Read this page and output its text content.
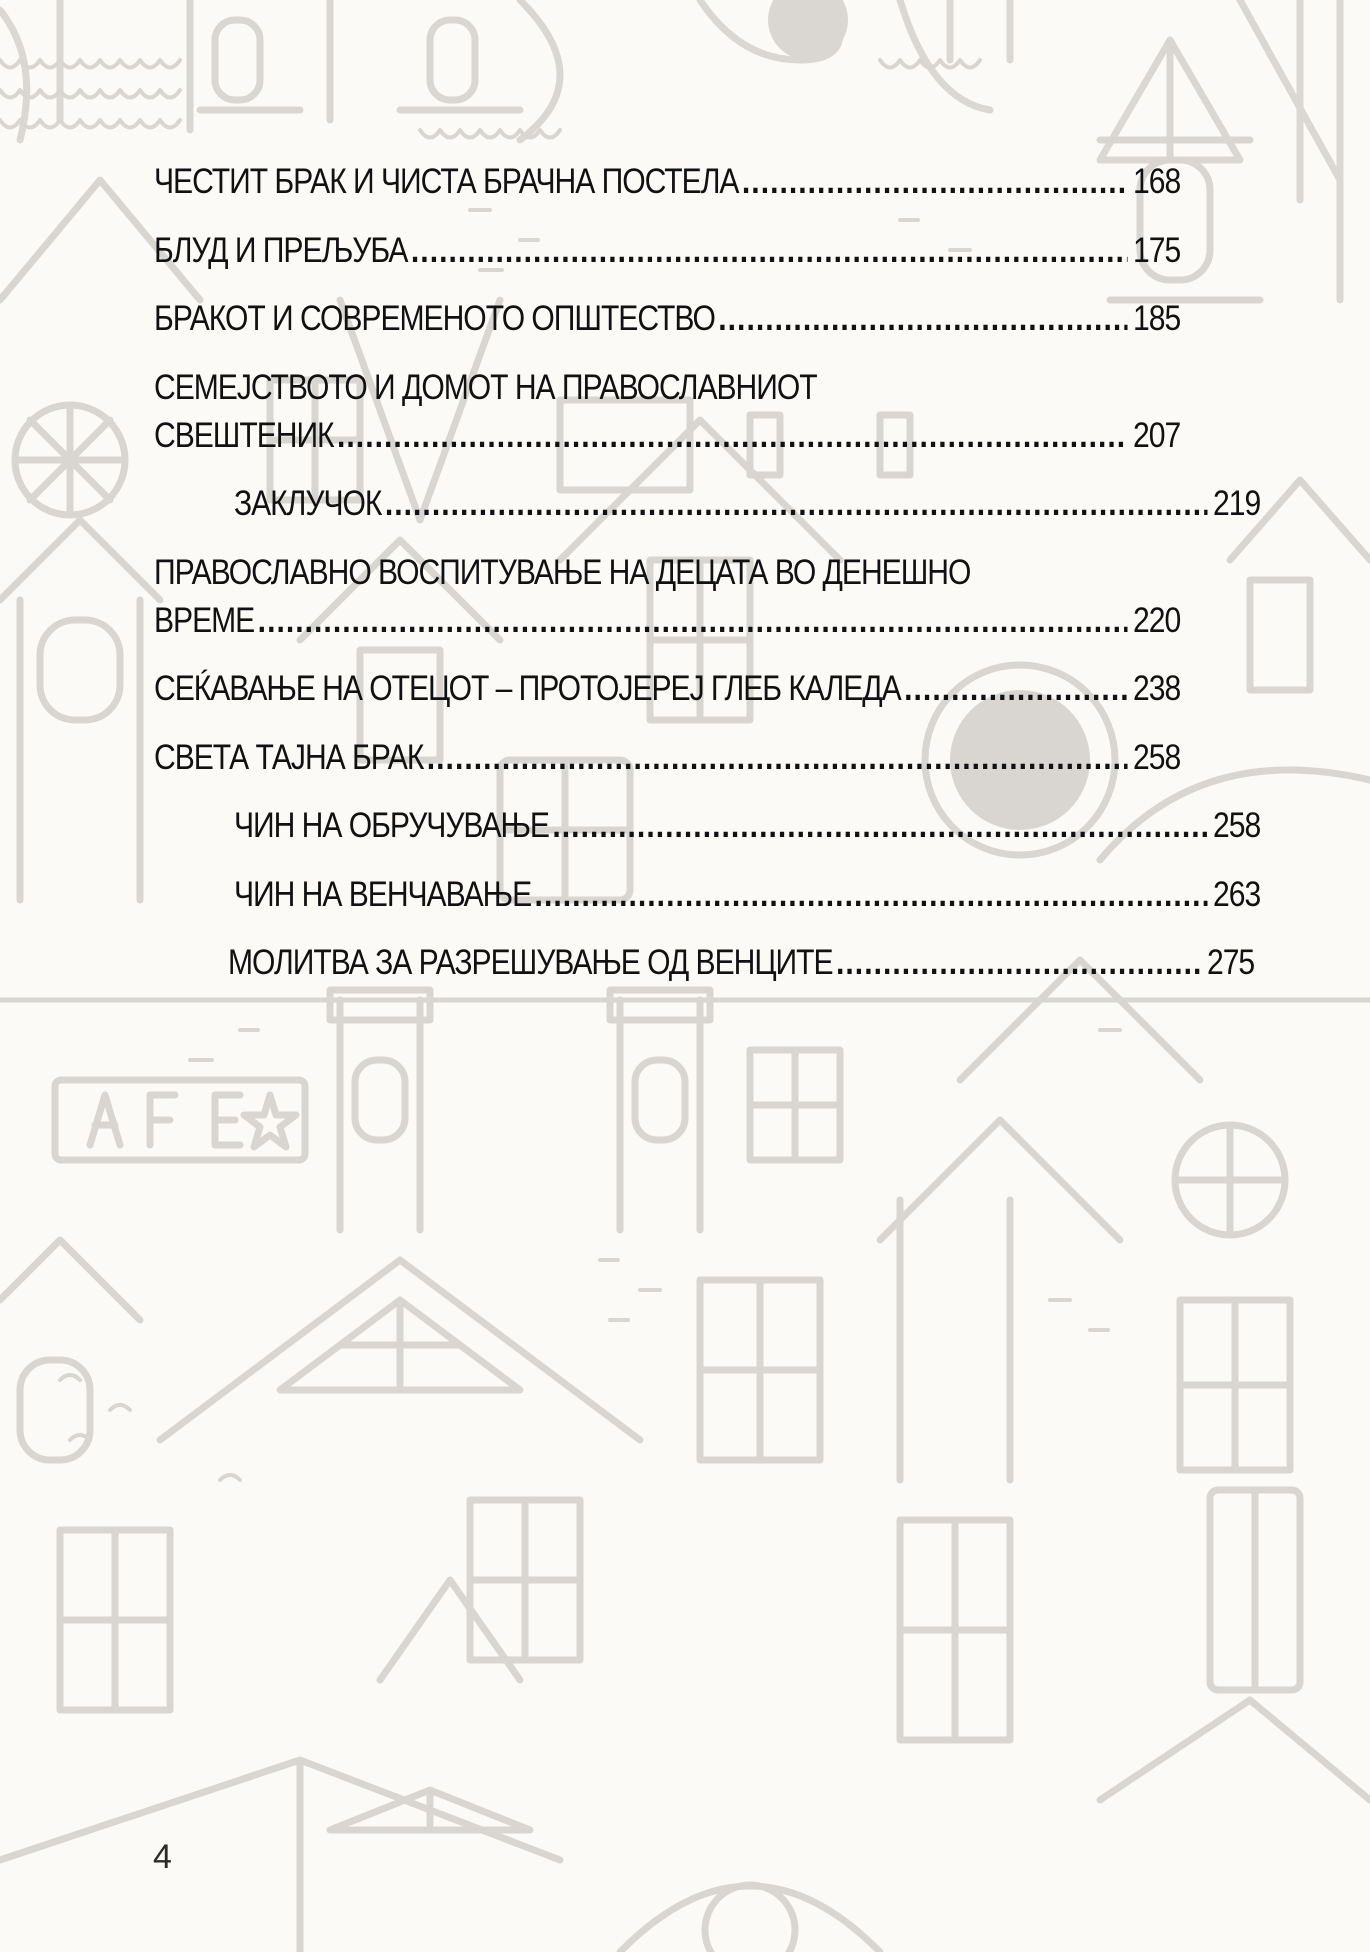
ЧЕСТИТ БРАК И ЧИСТА БРАЧНА ПОСТЕЛА .....	168
БЛУД И ПРЕЉУБА .....	175
БРАКОТ И СОВРЕМЕНОТО ОПШТЕСТВО .....	185
СЕМЕЈСТВОТО И ДОМОТ НА ПРАВОСЛАВНИОТ
СВЕШТЕНИК .....	207
ЗАКЛУЧОК .....	219
ПРАВОСЛАВНО ВОСПИТУВАЊЕ НА ДЕЦАТА ВО ДЕНЕШНО
ВРЕМЕ .....	220
СЕЌАВАЊЕ НА ОТЕЦОТ – ПРОТОЈЕРЕЈ ГЛЕБ КАЛЕДА .....	238
СВЕТА ТАЈНА БРАК .....	258
ЧИН НА ОБРУЧУВАЊЕ .....	258
ЧИН НА ВЕНЧАВАЊЕ .....	263
МОЛИТВА ЗА РАЗРЕШУВАЊЕ ОД ВЕНЦИТЕ .....	275
4
